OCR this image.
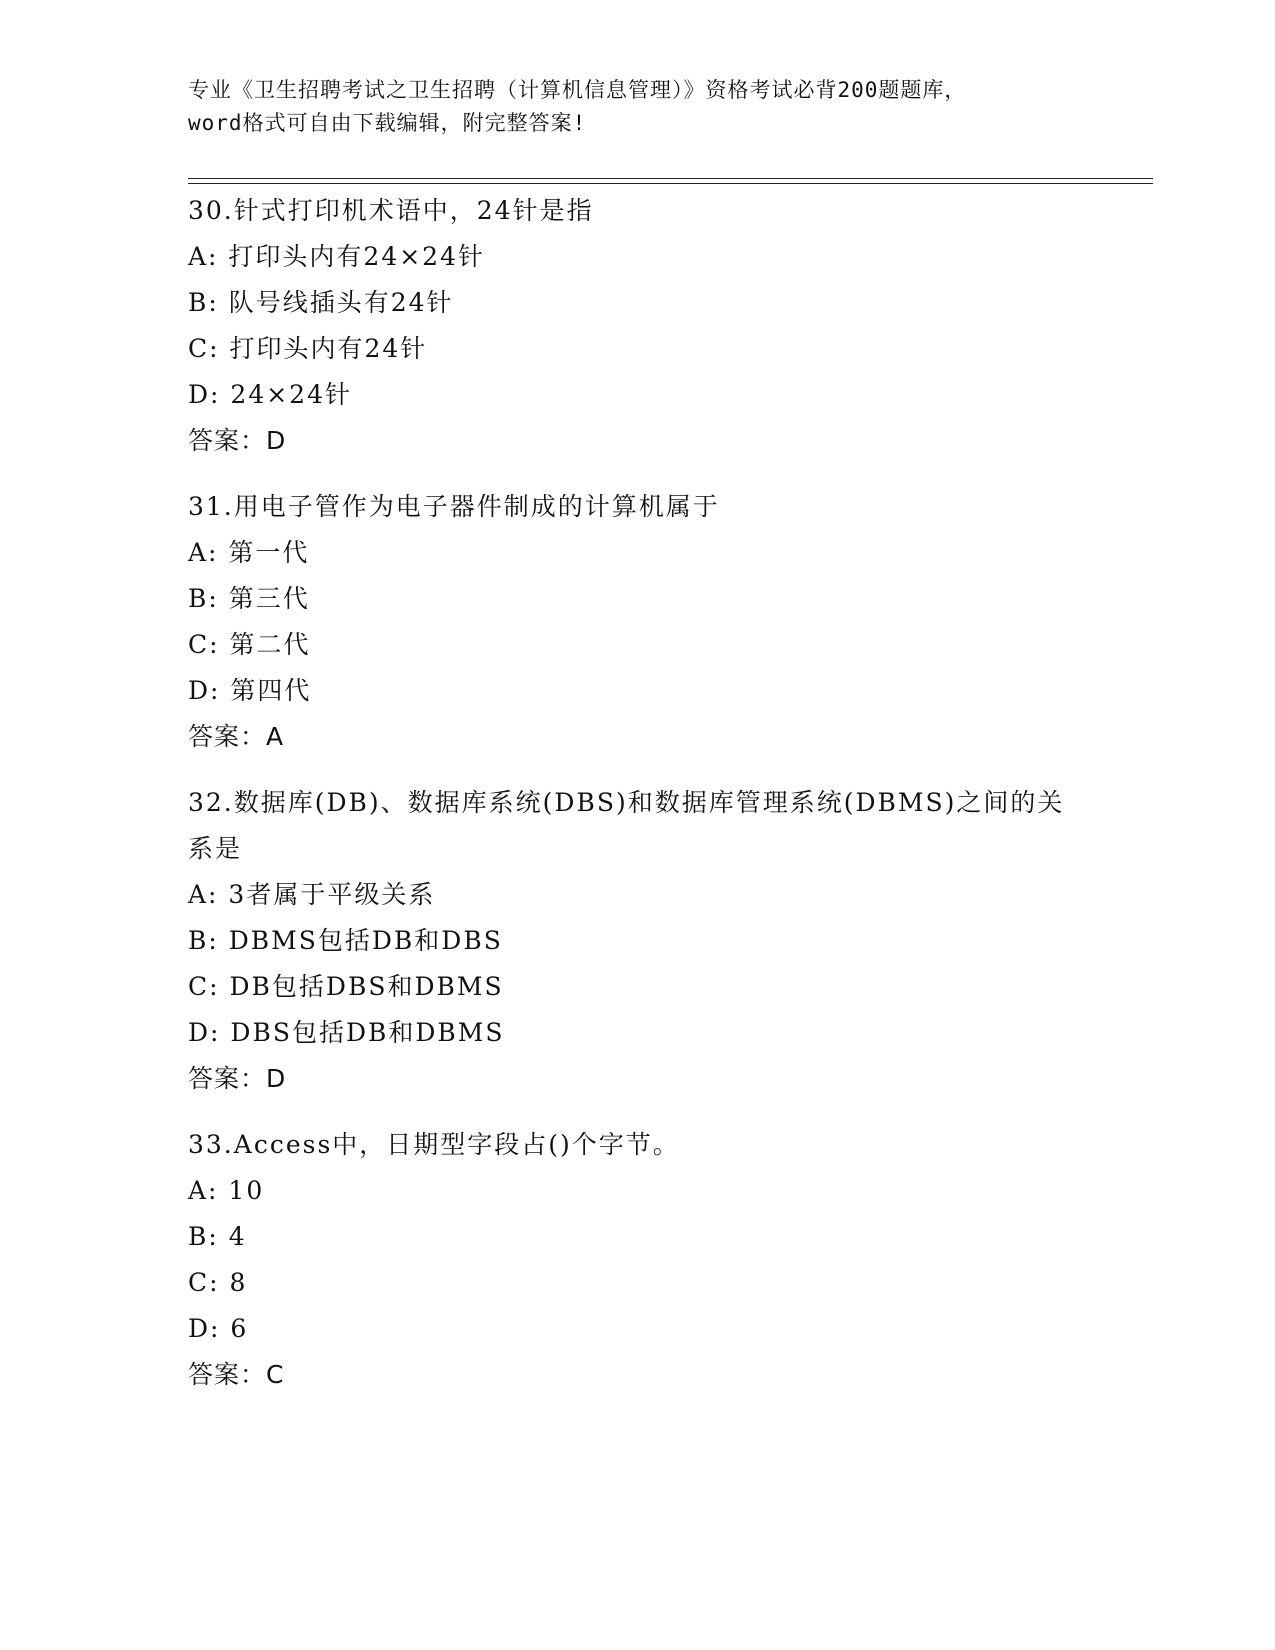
专业《卫生招聘考试之卫生招聘（计算机信息管理）》资格考试必背200题题库，
word格式可自由下载编辑，附完整答案!
30.针式打印机术语中，24针是指
A: 打印头内有24×24针
B: 队号线插头有24针
C: 打印头内有24针
D: 24×24针
答案：D
31.用电子管作为电子器件制成的计算机属于
A: 第一代
B: 第三代
C: 第二代
D: 第四代
答案：A
32.数据库(DB)、数据库系统(DBS)和数据库管理系统(DBMS)之间的关
系是
A: 3者属于平级关系
B: DBMS包括DB和DBS
C: DB包括DBS和DBMS
D: DBS包括DB和DBMS
答案：D
33.Access中，日期型字段占()个字节。
A: 10
B: 4
C: 8
D: 6
答案：C
